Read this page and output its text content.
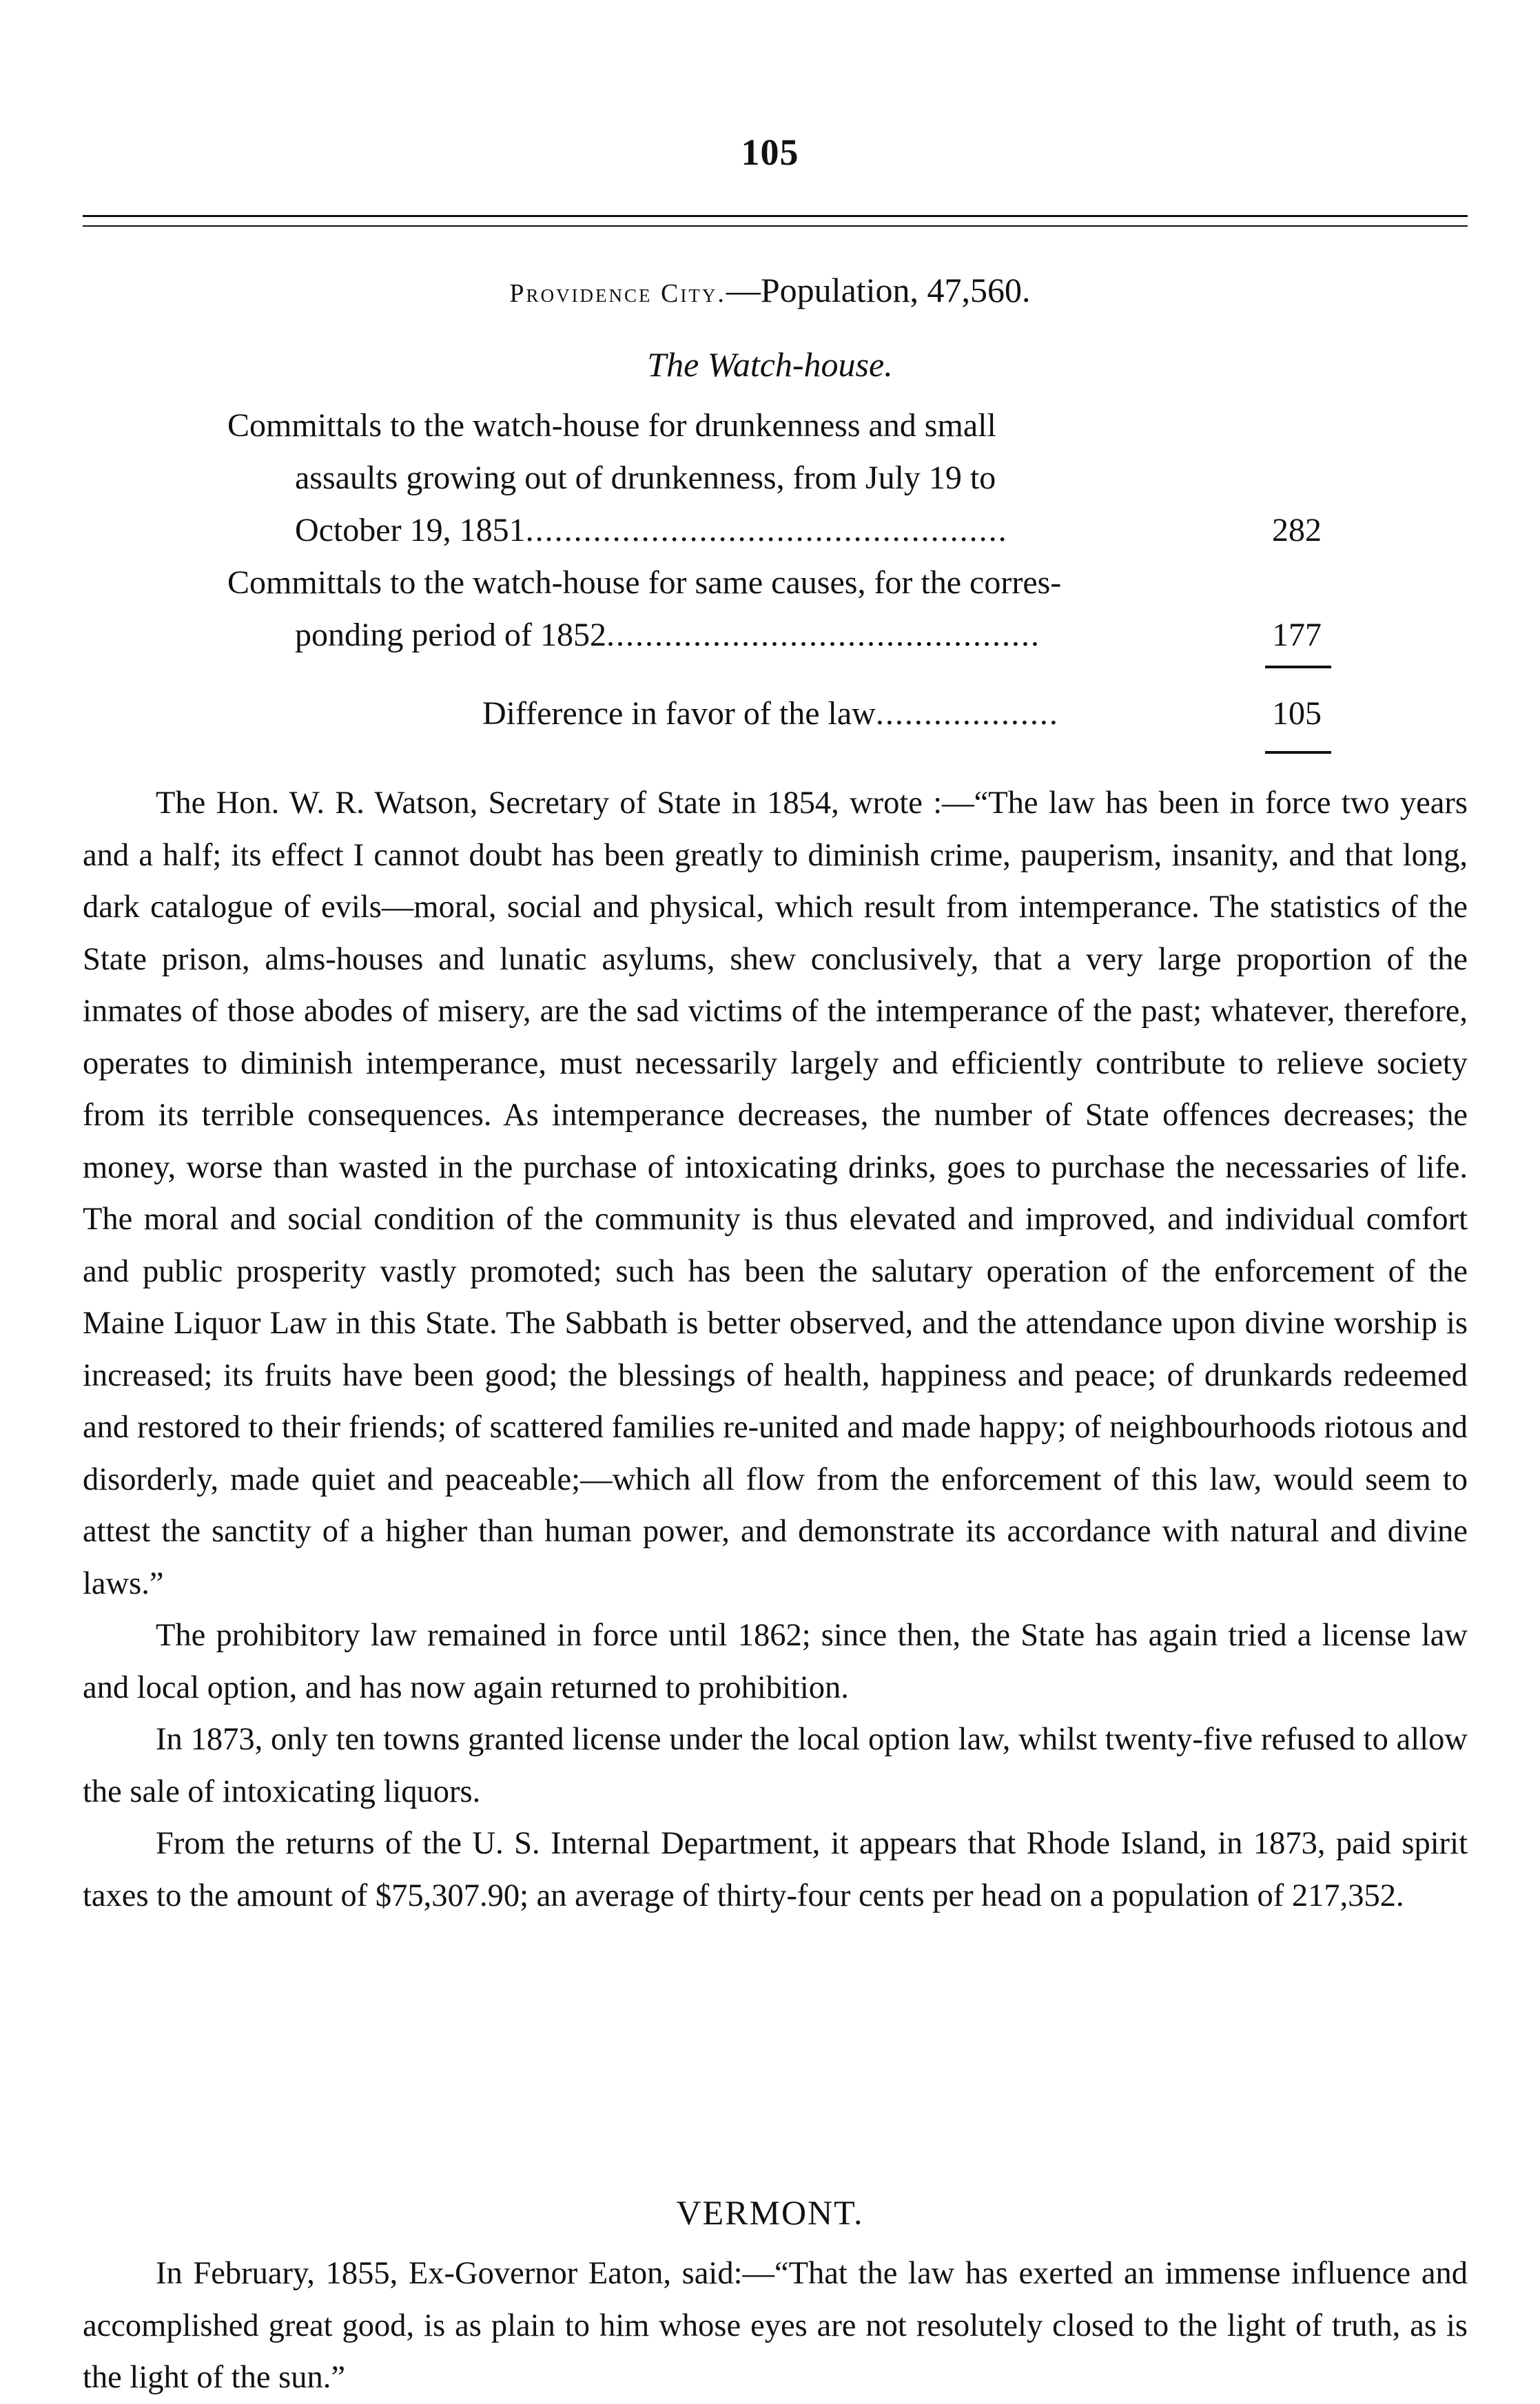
105
Providence City.—Population, 47,560.
The Watch-house.
Committals to the watch-house for drunkenness and small
assaults growing out of drunkenness, from July 19 to
October 19, 1851..................................................	282
Committals to the watch-house for same causes, for the corres-
ponding period of 1852.............................................	177
Difference in favor of the law...................	105

The Hon. W. R. Watson, Secretary of State in 1854, wrote :—“The law has been in force two years and a half; its effect I cannot doubt has been greatly to diminish crime, pauperism, insanity, and that long, dark catalogue of evils—moral, social and physical, which result from intemperance. The statistics of the State prison, alms-houses and lunatic asylums, shew conclusively, that a very large proportion of the inmates of those abodes of misery, are the sad victims of the intemperance of the past; whatever, therefore, operates to diminish intemperance, must necessarily largely and efficiently contribute to relieve society from its terrible consequences. As intemperance decreases, the number of State offences decreases; the money, worse than wasted in the purchase of intoxicating drinks, goes to purchase the necessaries of life. The moral and social condition of the community is thus elevated and improved, and individual comfort and public prosperity vastly promoted; such has been the salutary operation of the enforcement of the Maine Liquor Law in this State. The Sabbath is better observed, and the attendance upon divine worship is increased; its fruits have been good; the blessings of health, happiness and peace; of drunkards redeemed and restored to their friends; of scattered families re-united and made happy; of neighbourhoods riotous and disorderly, made quiet and peaceable;—which all flow from the enforcement of this law, would seem to attest the sanctity of a higher than human power, and demonstrate its accordance with natural and divine laws.”

The prohibitory law remained in force until 1862; since then, the State has again tried a license law and local option, and has now again returned to prohibition.

In 1873, only ten towns granted license under the local option law, whilst twenty-five refused to allow the sale of intoxicating liquors.

From the returns of the U. S. Internal Department, it appears that Rhode Island, in 1873, paid spirit taxes to the amount of $75,307.90; an average of thirty-four cents per head on a population of 217,352.

VERMONT.

In February, 1855, Ex-Governor Eaton, said:—“That the law has exerted an immense influence and accomplished great good, is as plain to him whose eyes are not resolutely closed to the light of truth, as is the light of the sun.”
